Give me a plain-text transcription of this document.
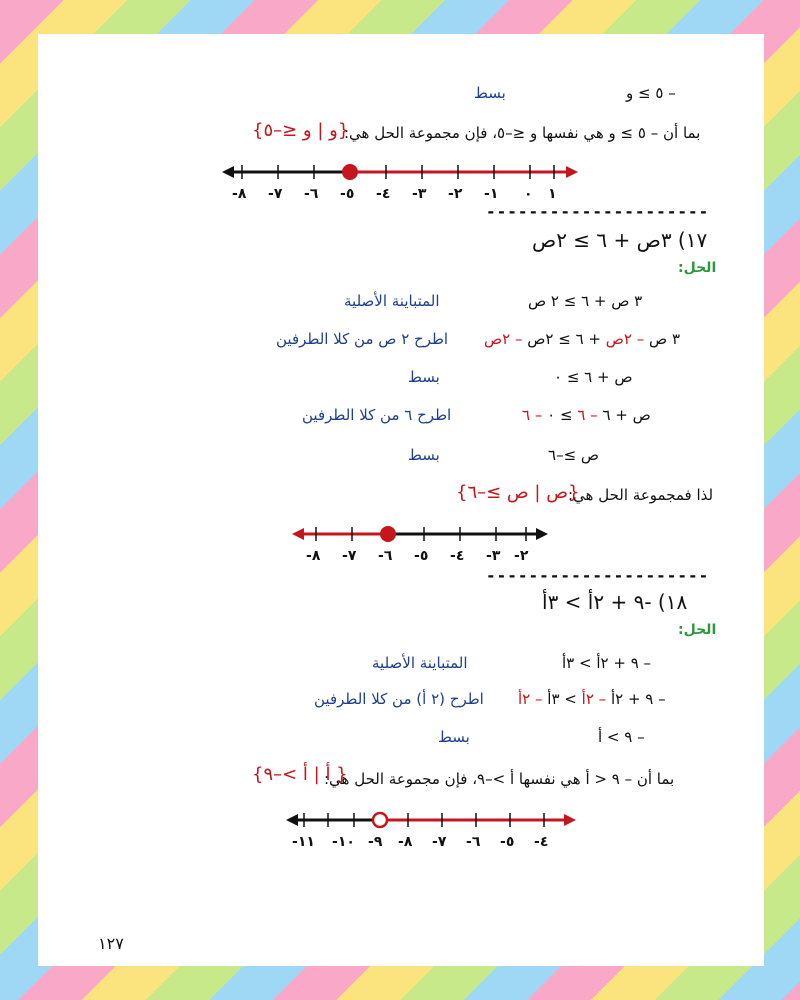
– ٥ ≥ و
بسط
بما أن – ٥ ≥ و هي نفسها و ≤–٥، فإن مجموعة الحل هي:
{و | و ≤–٥}
١
٠
-١
-٢
-٣
-٤
-٥
-٦
-٧
-٨
---------------------
١٧) ٣ص + ٦ ≥ ٢ص
الحل:
٣ ص + ٦ ≥ ٢ ص
المتباينة الأصلية
٣ ص – ٢ص + ٦ ≥ ٢ص – ٢ص
اطرح ٢ ص من كلا الطرفين
ص + ٦ ≥ ٠
بسط
ص + ٦ – ٦ ≥ ٠ – ٦
اطرح ٦ من كلا الطرفين
ص ≥–٦
بسط
لذا فمجموعة الحل هي:
{ص | ص ≥–٦}
-٢
-٣
-٤
-٥
-٦
-٧
-٨
---------------------
١٨) -٩ + ٢أ > ٣أ
الحل:
– ٩ + ٢أ > ٣أ
المتباينة الأصلية
– ٩ + ٢أ – ٢أ > ٣أ – ٢أ
اطرح (٢ أ) من كلا الطرفين
– ٩ > أ
بسط
بما أن – ٩ < أ هي نفسها أ >–٩، فإن مجموعة الحل هي:
{ أ | أ >–٩}
-٤
-٥
-٦
-٧
-٨
-٩
-١٠
-١١
١٢٧
